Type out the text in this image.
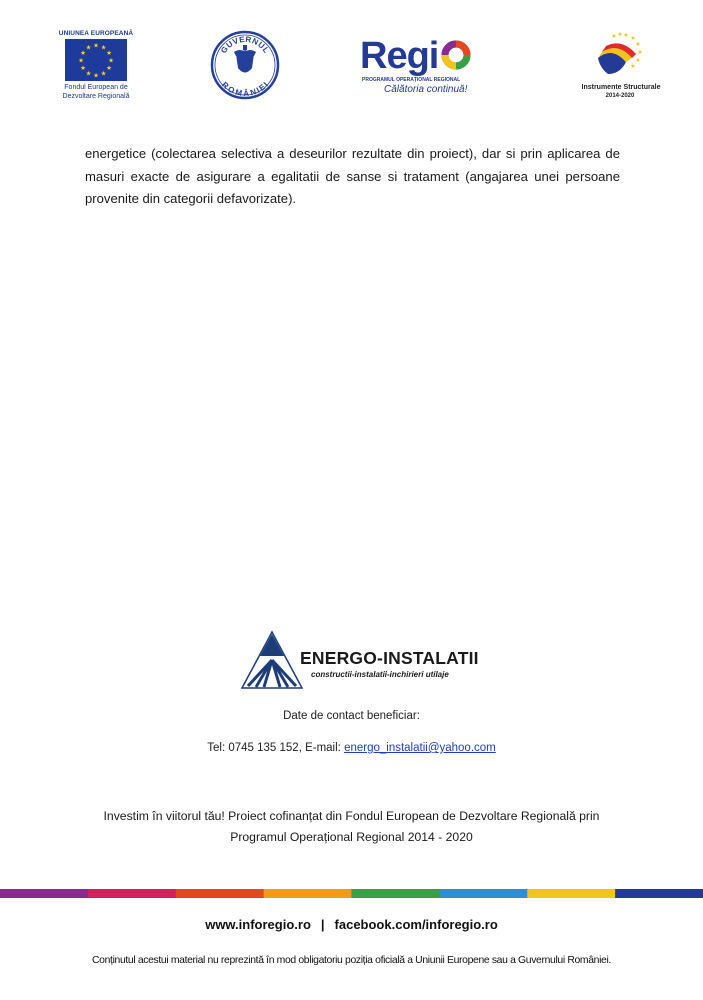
UNIUNEA EUROPEANĂ
★ ★
★
★
★
★
★
★
★
★
★
★
Fondul European de
Dezvoltare Regională
GUVERNUL
ROMÂNIEI
Regi
PROGRAMUL OPERAȚIONAL REGIONAL
Călătoria continuă!
★ ★
★
★
★
★
★
★
Instrumente Structurale
2014-2020
energetice (colectarea selectiva a deseurilor rezultate din proiect), dar si prin aplicarea de masuri exacte de asigurare a egalitatii de sanse si tratament (angajarea unei persoane provenite din categorii defavorizate).
ENERGO-INSTALATII
constructii-instalatii-inchirieri utilaje
Date de contact beneficiar:
Tel: 0745 135 152, E-mail: energo_instalatii@yahoo.com
Investim în viitorul tău! Proiect cofinanțat din Fondul European de Dezvoltare Regională prin
Programul Operațional Regional 2014 - 2020
www.inforegio.ro | facebook.com/inforegio.ro
Conținutul acestui material nu reprezintă în mod obligatoriu poziția oficială a Uniunii Europene sau a Guvernului României.
